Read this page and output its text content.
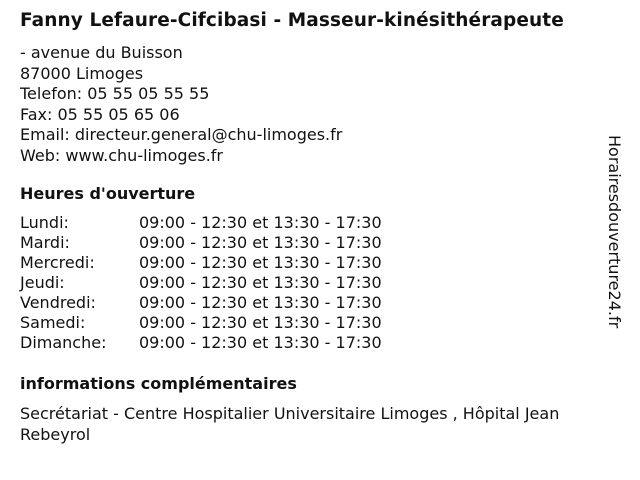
Fanny Lefaure-Cifcibasi - Masseur-kinésithérapeute
- avenue du Buisson
87000 Limoges
Telefon: 05 55 05 55 55
Fax: 05 55 05 65 06
Email: directeur.general@chu-limoges.fr
Web: www.chu-limoges.fr
Heures d'ouverture
Lundi:	09:00 - 12:30 et 13:30 - 17:30
Mardi:	09:00 - 12:30 et 13:30 - 17:30
Mercredi:	09:00 - 12:30 et 13:30 - 17:30
Jeudi:	09:00 - 12:30 et 13:30 - 17:30
Vendredi:	09:00 - 12:30 et 13:30 - 17:30
Samedi:	09:00 - 12:30 et 13:30 - 17:30
Dimanche: 09:00 - 12:30 et 13:30 - 17:30
informations complémentaires
Secrétariat - Centre Hospitalier Universitaire Limoges , Hôpital Jean Rebeyrol
Horairesdouverture24.fr
